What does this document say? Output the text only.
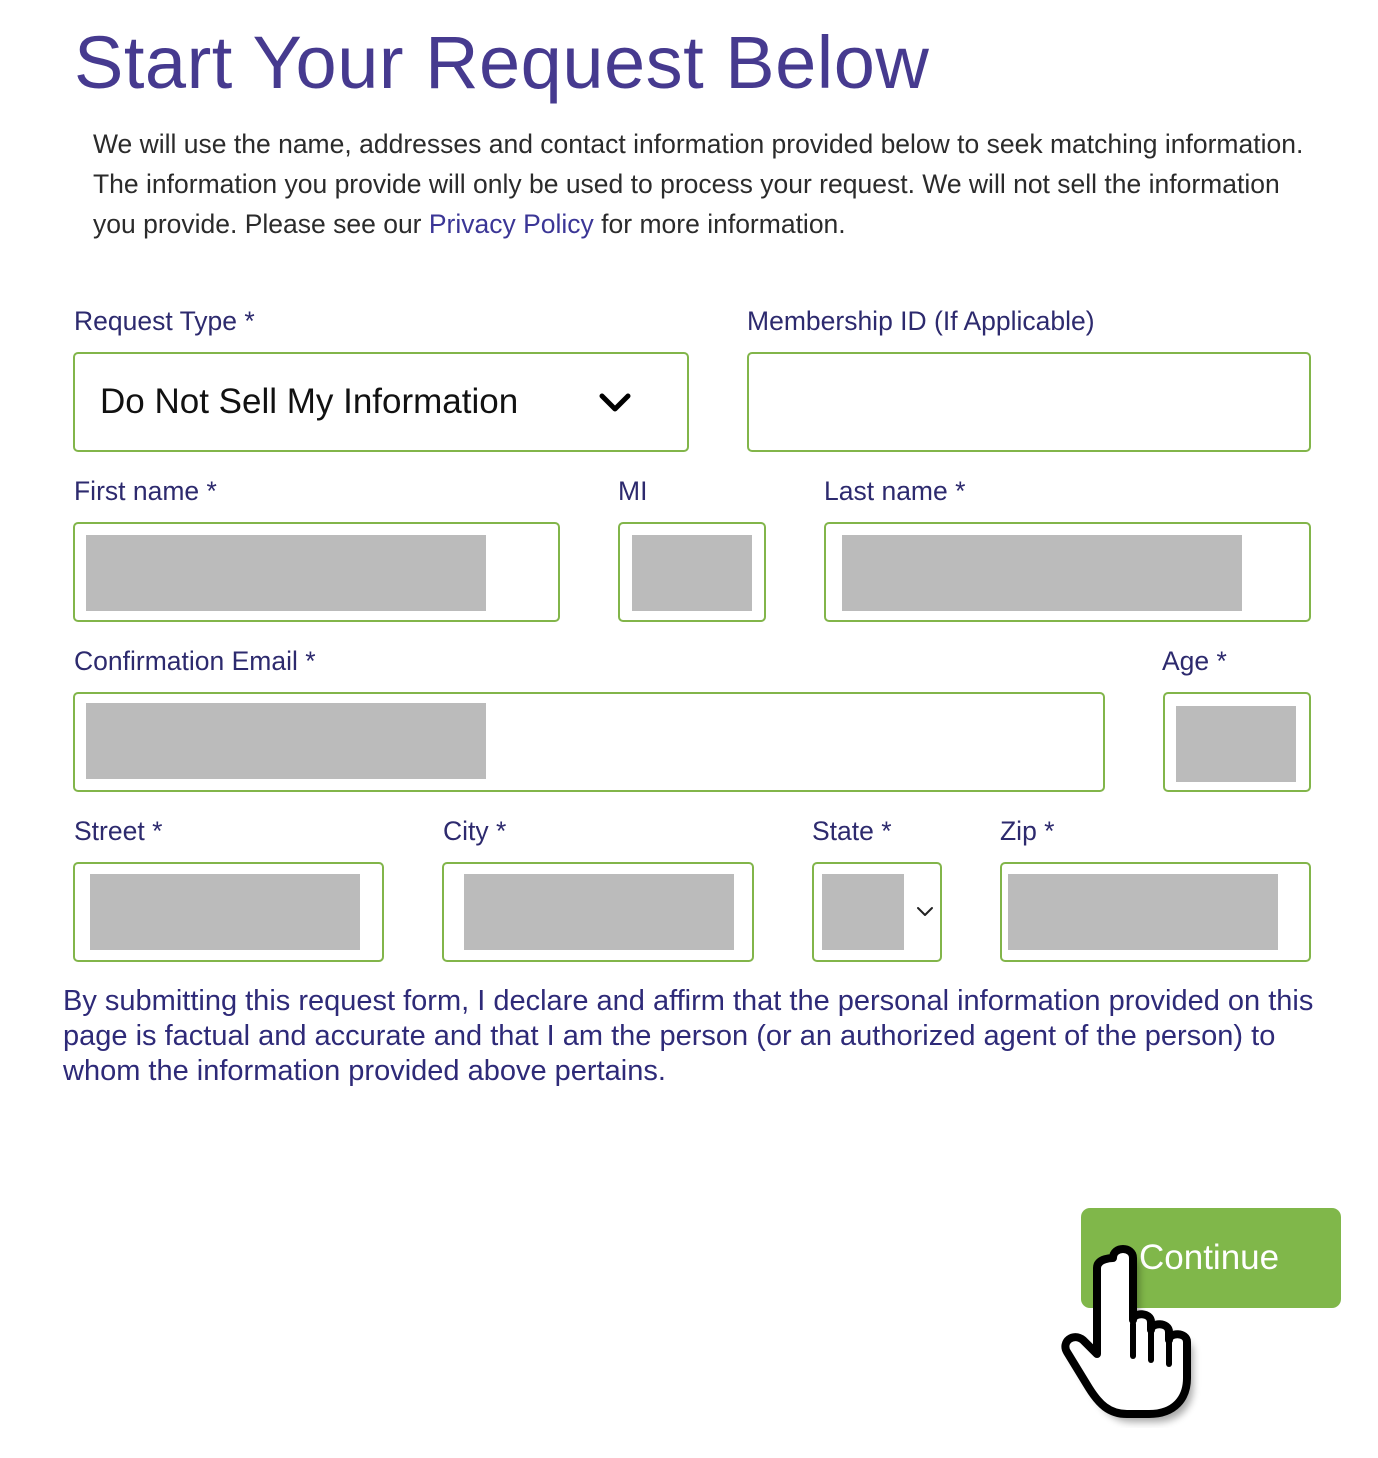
Start Your Request Below
We will use the name, addresses and contact information provided below to seek matching information. The information you provide will only be used to process your request. We will not sell the information you provide. Please see our Privacy Policy for more information.
Request Type *
Do Not Sell My Information
Membership ID (If Applicable)
First name *	MI	Last name *
Confirmation Email *	Age *
Street *	City *	State *	Zip *
By submitting this request form, I declare and affirm that the personal information provided on this page is factual and accurate and that I am the person (or an authorized agent of the person) to whom the information provided above pertains.
Continue
